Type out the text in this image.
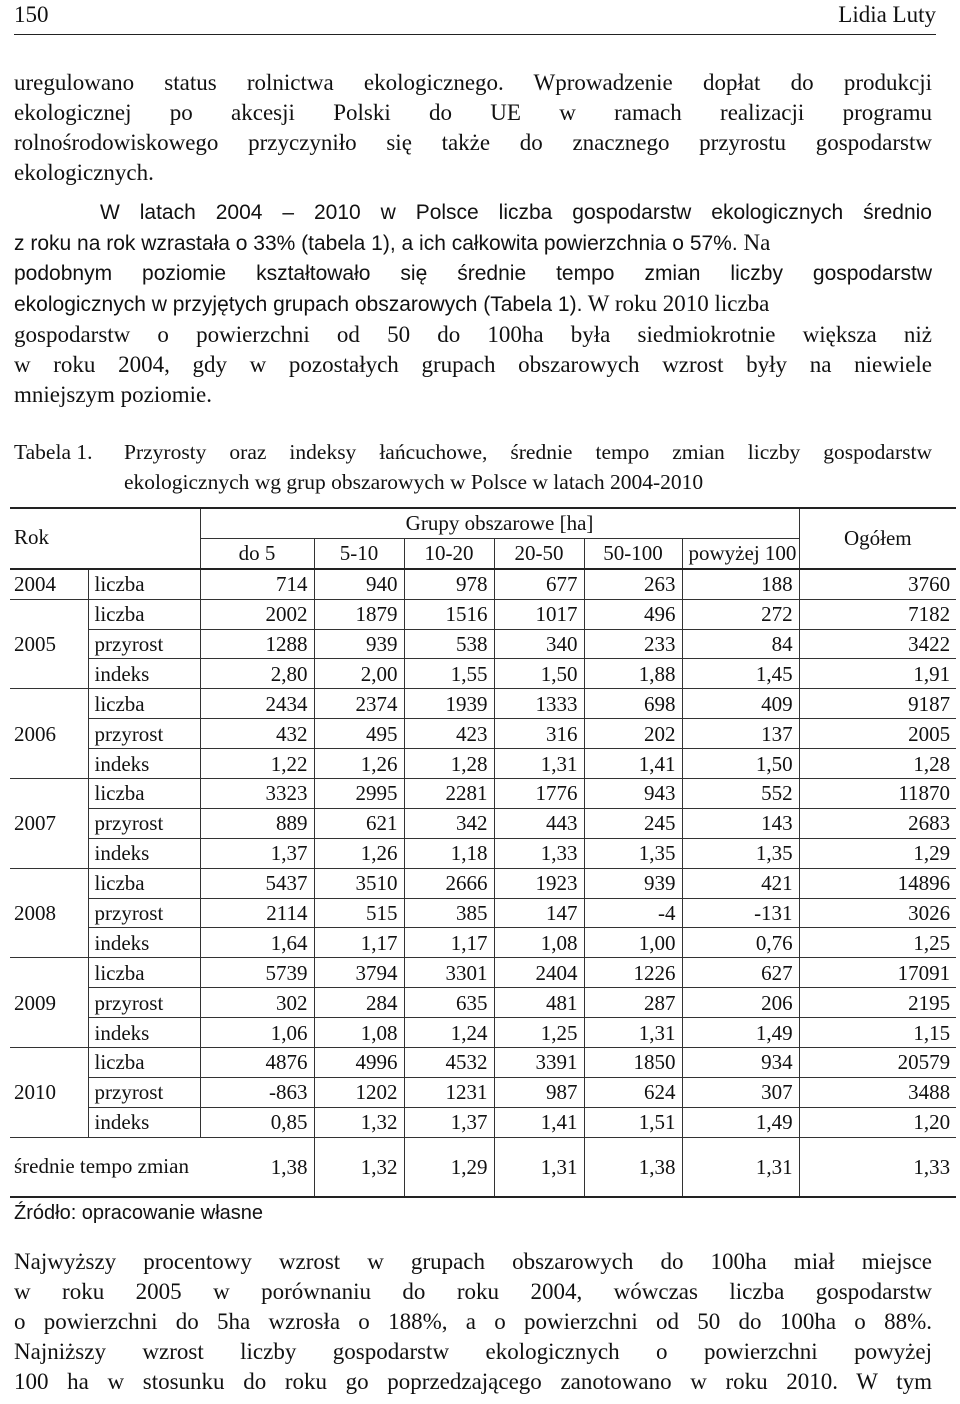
150	Lidia Luty
uregulowano status rolnictwa ekologicznego. Wprowadzenie dopłat do produkcji
ekologicznej po akcesji Polski do UE w ramach realizacji programu
rolnośrodowiskowego przyczyniło się także do znacznego przyrostu gospodarstw
ekologicznych.
W latach 2004 – 2010 w Polsce liczba gospodarstw ekologicznych średnio
z roku na rok wzrastała o 33% (tabela 1), a ich całkowita powierzchnia o 57%. Na
podobnym poziomie kształtowało się średnie tempo zmian liczby gospodarstw
ekologicznych w przyjętych grupach obszarowych (Tabela 1). W roku 2010 liczba
gospodarstw o powierzchni od 50 do 100ha była siedmiokrotnie większa niż
w roku 2004, gdy w pozostałych grupach obszarowych wzrost były na niewiele
mniejszym poziomie.
Tabela 1. Przyrosty oraz indeksy łańcuchowe, średnie tempo zmian liczby gospodarstw
ekologicznych wg grup obszarowych w Polsce w latach 2004-2010
Rok		Grupy obszarowe [ha]						Ogółem
		do 5	5-10	10-20	20-50	50-100	powyżej 100	
2004	liczba	714	940	978	677	263	188	3760
2005	liczba	2002	1879	1516	1017	496	272	7182
	przyrost	1288	939	538	340	233	84	3422
	indeks	2,80	2,00	1,55	1,50	1,88	1,45	1,91
2006	liczba	2434	2374	1939	1333	698	409	9187
	przyrost	432	495	423	316	202	137	2005
	indeks	1,22	1,26	1,28	1,31	1,41	1,50	1,28
2007	liczba	3323	2995	2281	1776	943	552	11870
	przyrost	889	621	342	443	245	143	2683
	indeks	1,37	1,26	1,18	1,33	1,35	1,35	1,29
2008	liczba	5437	3510	2666	1923	939	421	14896
	przyrost	2114	515	385	147	-4	-131	3026
	indeks	1,64	1,17	1,17	1,08	1,00	0,76	1,25
2009	liczba	5739	3794	3301	2404	1226	627	17091
	przyrost	302	284	635	481	287	206	2195
	indeks	1,06	1,08	1,24	1,25	1,31	1,49	1,15
2010	liczba	4876	4996	4532	3391	1850	934	20579
	przyrost	-863	1202	1231	987	624	307	3488
	indeks	0,85	1,32	1,37	1,41	1,51	1,49	1,20
średnie tempo zmian		1,38	1,32	1,29	1,31	1,38	1,31	1,33
Źródło: opracowanie własne
Najwyższy procentowy wzrost w grupach obszarowych do 100ha miał miejsce
w roku 2005 w porównaniu do roku 2004, wówczas liczba gospodarstw
o powierzchni do 5ha wzrosła o 188%, a o powierzchni od 50 do 100ha o 88%.
Najniższy wzrost liczby gospodarstw ekologicznych o powierzchni powyżej
100 ha w stosunku do roku go poprzedzającego zanotowano w roku 2010. W tym
